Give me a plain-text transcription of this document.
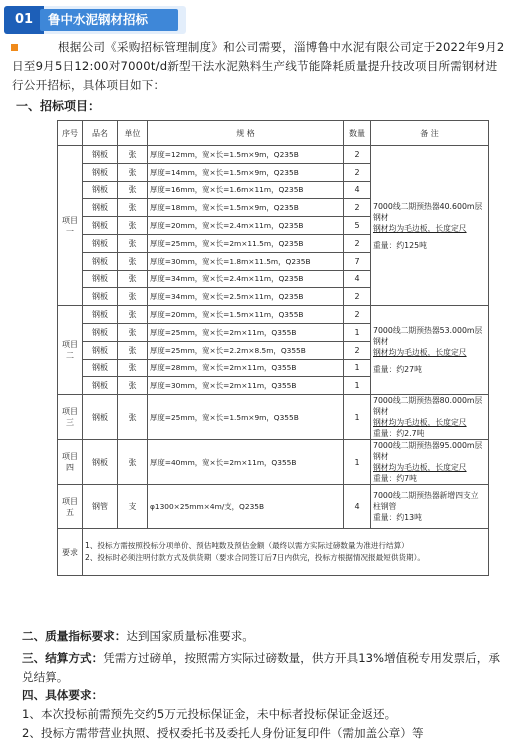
01	鲁中水泥钢材招标
根据公司《采购招标管理制度》和公司需要，淄博鲁中水泥有限公司定于2022年9月2日至9月5日12:00对7000t/d新型干法水泥熟料生产线节能降耗质量提升技改项目所需钢材进行公开招标，具体项目如下：
一、招标项目：
序号	品名	单位	规 格	数量	备 注
项目一	钢板	张	厚度=12mm，宽×长=1.5m×9m，Q235B	2	7000线二期预热器40.600m层钢材
钢材均为毛边板，长度定尺
重量：约125吨

	钢板	张	厚度=14mm，宽×长=1.5m×9m，Q235B	2	
	钢板	张	厚度=16mm，宽×长=1.6m×11m，Q235B	4	
	钢板	张	厚度=18mm，宽×长=1.5m×9m，Q235B	2	
	钢板	张	厚度=20mm，宽×长=2.4m×11m，Q235B	5	
	钢板	张	厚度=25mm，宽×长=2m×11.5m，Q235B	2	
	钢板	张	厚度=30mm，宽×长=1.8m×11.5m，Q235B	7	
	钢板	张	厚度=34mm，宽×长=2.4m×11m，Q235B	4	
	钢板	张	厚度=34mm，宽×长=2.5m×11m，Q235B	2	
项目二	钢板	张	厚度=20mm，宽×长=1.5m×11m，Q355B	2	7000线二期预热器53.000m层钢材
钢材均为毛边板，长度定尺
重量：约27吨

	钢板	张	厚度=25mm，宽×长=2m×11m，Q355B	1	
	钢板	张	厚度=25mm，宽×长=2.2m×8.5m，Q355B	2	
	钢板	张	厚度=28mm，宽×长=2m×11m，Q355B	1	
	钢板	张	厚度=30mm，宽×长=2m×11m，Q355B	1	
项目三	钢板	张	厚度=25mm，宽×长=1.5m×9m，Q355B	1	7000线二期预热器80.000m层钢材
钢材均为毛边板，长度定尺
重量：约2.7吨

项目四	钢板	张	厚度=40mm，宽×长=2m×11m，Q355B	1	7000线二期预热器95.000m层钢材
钢材均为毛边板，长度定尺
重量：约7吨

项目五	钢管	支	φ1300×25mm×4m/支，Q235B	4	7000线二期预热器新增四支立柱钢管
重量：约13吨

要求	1、投标方需按照投标分项单价、预估吨数及预估金额（最终以需方实际过磅数量为准进行结算）
2、投标时必须注明付款方式及供货期（要求合同签订后7日内供完，投标方根据情况报最短供货期）。				
二、质量指标要求：达到国家质量标准要求。
三、结算方式：凭需方过磅单，按照需方实际过磅数量，供方开具13%增值税专用发票后，承兑结算。
四、具体要求：
1、本次投标前需预先交约5万元投标保证金，未中标者投标保证金返还。
2、投标方需带营业执照、授权委托书及委托人身份证复印件（需加盖公章）等
